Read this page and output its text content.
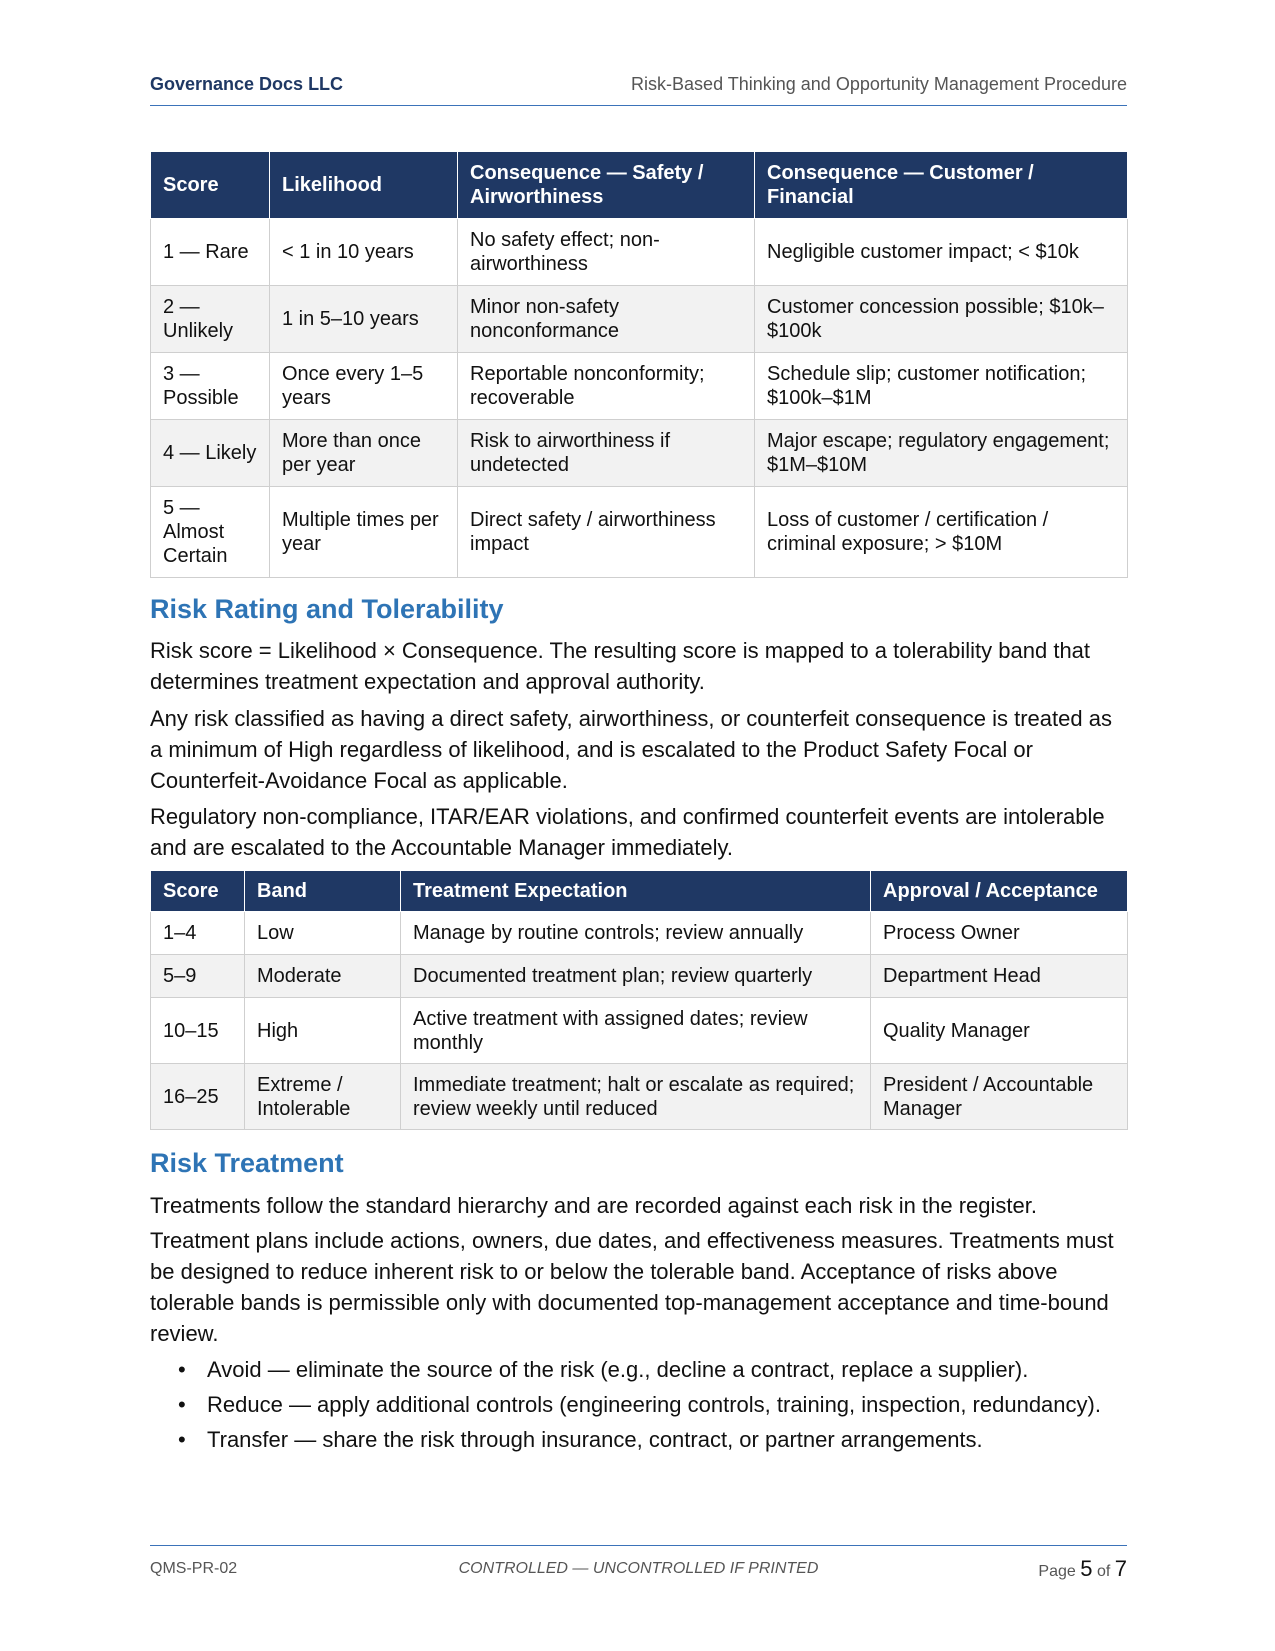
Governance Docs LLC	Risk-Based Thinking and Opportunity Management Procedure
Score	Likelihood	Consequence — Safety / Airworthiness	Consequence — Customer / Financial
1 — Rare	< 1 in 10 years	No safety effect; non-airworthiness	Negligible customer impact; < $10k
2 — Unlikely	1 in 5–10 years	Minor non-safety nonconformance	Customer concession possible; $10k–$100k
3 — Possible	Once every 1–5 years	Reportable nonconformity; recoverable	Schedule slip; customer notification; $100k–$1M
4 — Likely	More than once per year	Risk to airworthiness if undetected	Major escape; regulatory engagement; $1M–$10M
5 — Almost Certain	Multiple times per year	Direct safety / airworthiness impact	Loss of customer / certification / criminal exposure; > $10M
Risk Rating and Tolerability

Risk score = Likelihood × Consequence. The resulting score is mapped to a tolerability band that determines treatment expectation and approval authority.

Any risk classified as having a direct safety, airworthiness, or counterfeit consequence is treated as a minimum of High regardless of likelihood, and is escalated to the Product Safety Focal or Counterfeit-Avoidance Focal as applicable.

Regulatory non-compliance, ITAR/EAR violations, and confirmed counterfeit events are intolerable and are escalated to the Accountable Manager immediately.

Score	Band	Treatment Expectation	Approval / Acceptance
1–4	Low	Manage by routine controls; review annually	Process Owner
5–9	Moderate	Documented treatment plan; review quarterly	Department Head
10–15	High	Active treatment with assigned dates; review monthly	Quality Manager
16–25	Extreme / Intolerable	Immediate treatment; halt or escalate as required; review weekly until reduced	President / Accountable Manager
Risk Treatment

Treatments follow the standard hierarchy and are recorded against each risk in the register.

Treatment plans include actions, owners, due dates, and effectiveness measures. Treatments must be designed to reduce inherent risk to or below the tolerable band. Acceptance of risks above tolerable bands is permissible only with documented top-management acceptance and time-bound review.

• Avoid — eliminate the source of the risk (e.g., decline a contract, replace a supplier).
• Reduce — apply additional controls (engineering controls, training, inspection, redundancy).
• Transfer — share the risk through insurance, contract, or partner arrangements.
QMS-PR-02	CONTROLLED — UNCONTROLLED IF PRINTED	Page 5 of 7
